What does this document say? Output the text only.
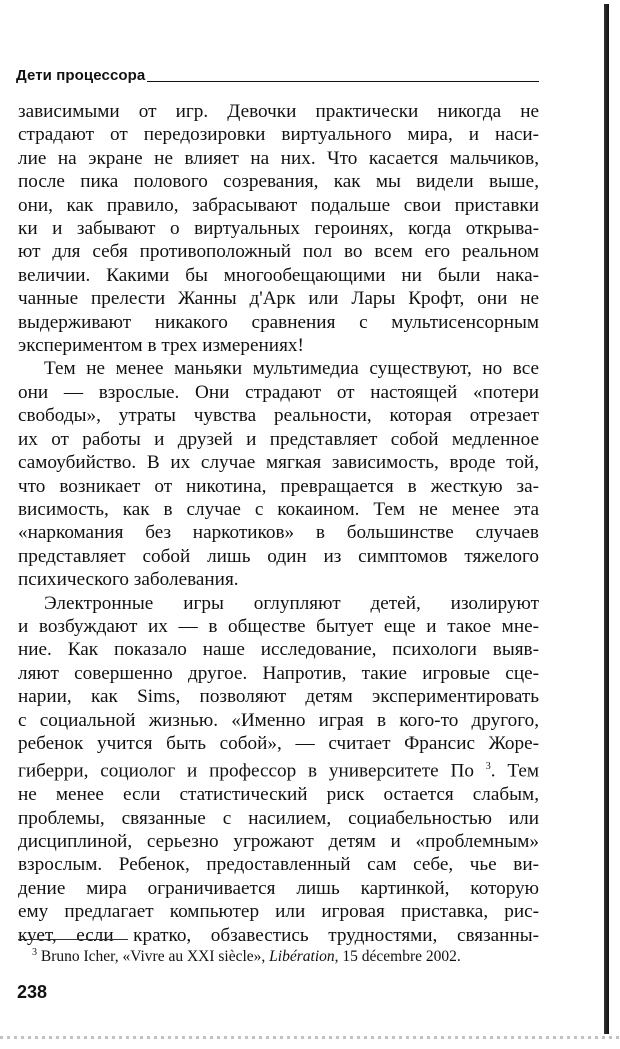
Дети процессора
зависимыми от игр. Девочки практически никогда не
страдают от передозировки виртуального мира, и наси-
лие на экране не влияет на них. Что касается мальчиков,
после пика полового созревания, как мы видели выше,
они, как правило, забрасывают подальше свои приставки
ки и забывают о виртуальных героинях, когда открыва-
ют для себя противоположный пол во всем его реальном
величии. Какими бы многообещающими ни были нака-
чанные прелести Жанны д'Арк или Лары Крофт, они не
выдерживают никакого сравнения с мультисенсорным
экспериментом в трех измерениях!
Тем не менее маньяки мультимедиа существуют, но все
они — взрослые. Они страдают от настоящей «потери
свободы», утраты чувства реальности, которая отрезает
их от работы и друзей и представляет собой медленное
самоубийство. В их случае мягкая зависимость, вроде той,
что возникает от никотина, превращается в жесткую за-
висимость, как в случае с кокаином. Тем не менее эта
«наркомания без наркотиков» в большинстве случаев
представляет собой лишь один из симптомов тяжелого
психического заболевания.
Электронные игры оглупляют детей, изолируют
и возбуждают их — в обществе бытует еще и такое мне-
ние. Как показало наше исследование, психологи выяв-
ляют совершенно другое. Напротив, такие игровые сце-
нарии, как Sims, позволяют детям экспериментировать
с социальной жизнью. «Именно играя в кого-то другого,
ребенок учится быть собой», — считает Франсис Жоре-
гиберри, социолог и профессор в университете По $^3$. Тем
не менее если статистический риск остается слабым,
проблемы, связанные с насилием, социабельностью или
дисциплиной, серьезно угрожают детям и «проблемным»
взрослым. Ребенок, предоставленный сам себе, чье ви-
дение мира ограничивается лишь картинкой, которую
ему предлагает компьютер или игровая приставка, рис-
кует, если кратко, обзавестись трудностями, связанны-
$^3$ Bruno Icher, «Vivre au XXI siècle», Libération, 15 décembre 2002.
238
